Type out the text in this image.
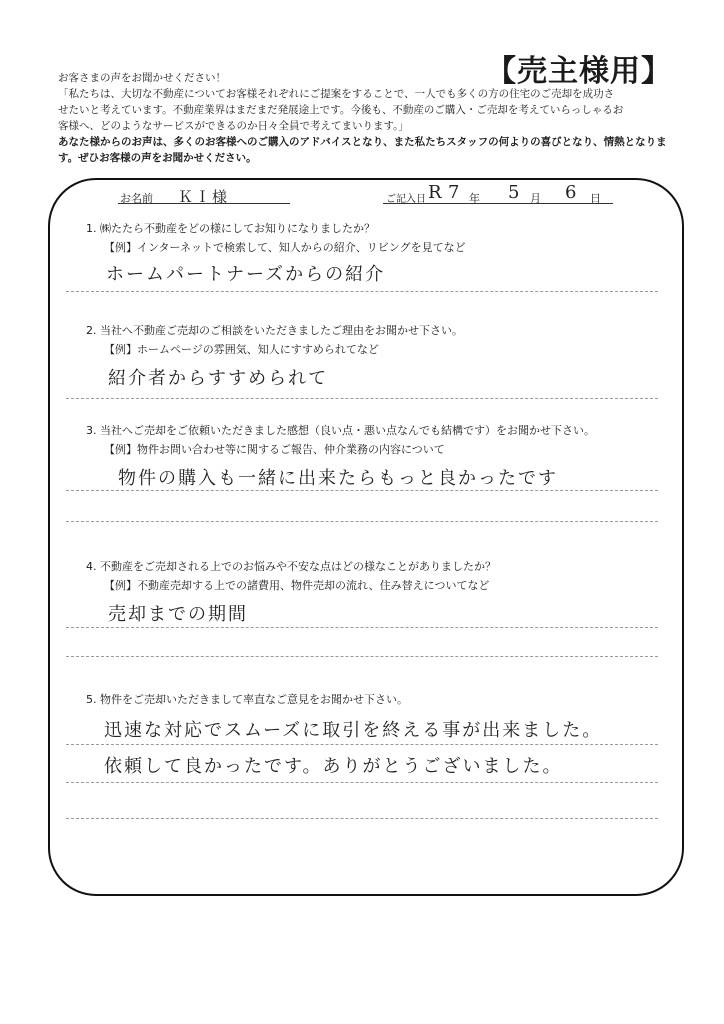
【売主様用】

お客さまの声をお聞かせください！

「私たちは、大切な不動産についてお客様それぞれにご提案をすることで、一人でも多くの方の住宅のご売却を成功さ

せたいと考えています。不動産業界はまだまだ発展途上です。今後も、不動産のご購入・ご売却を考えていらっしゃるお

客様へ、どのようなサービスができるのか日々全員で考えてまいります。」

あなた様からのお声は、多くのお客様へのご購入のアドバイスとなり、また私たちスタッフの何よりの喜びとなり、情熱となりま

す。ぜひお客様の声をお聞かせください。

お名前 ＫＩ様	ご記入日 R 7 年 5 月 6 日
1. ㈱たたら不動産をどの様にしてお知りになりましたか？
【例】インターネットで検索して、知人からの紹介、リビングを見てなど
ホームパートナーズからの紹介
2. 当社へ不動産ご売却のご相談をいただきましたご理由をお聞かせ下さい。
【例】ホームページの雰囲気、知人にすすめられてなど
紹介者からすすめられて
3. 当社へご売却をご依頼いただきました感想（良い点・悪い点なんでも結構です）をお聞かせ下さい。
【例】物件お問い合わせ等に関するご報告、仲介業務の内容について
物件の購入も一緒に出来たらもっと良かったです
4. 不動産をご売却される上でのお悩みや不安な点はどの様なことがありましたか？
【例】不動産売却する上での諸費用、物件売却の流れ、住み替えについてなど
売却までの期間
5. 物件をご売却いただきまして率直なご意見をお聞かせ下さい。
迅速な対応でスムーズに取引を終える事が出来ました。
依頼して良かったです。ありがとうございました。
